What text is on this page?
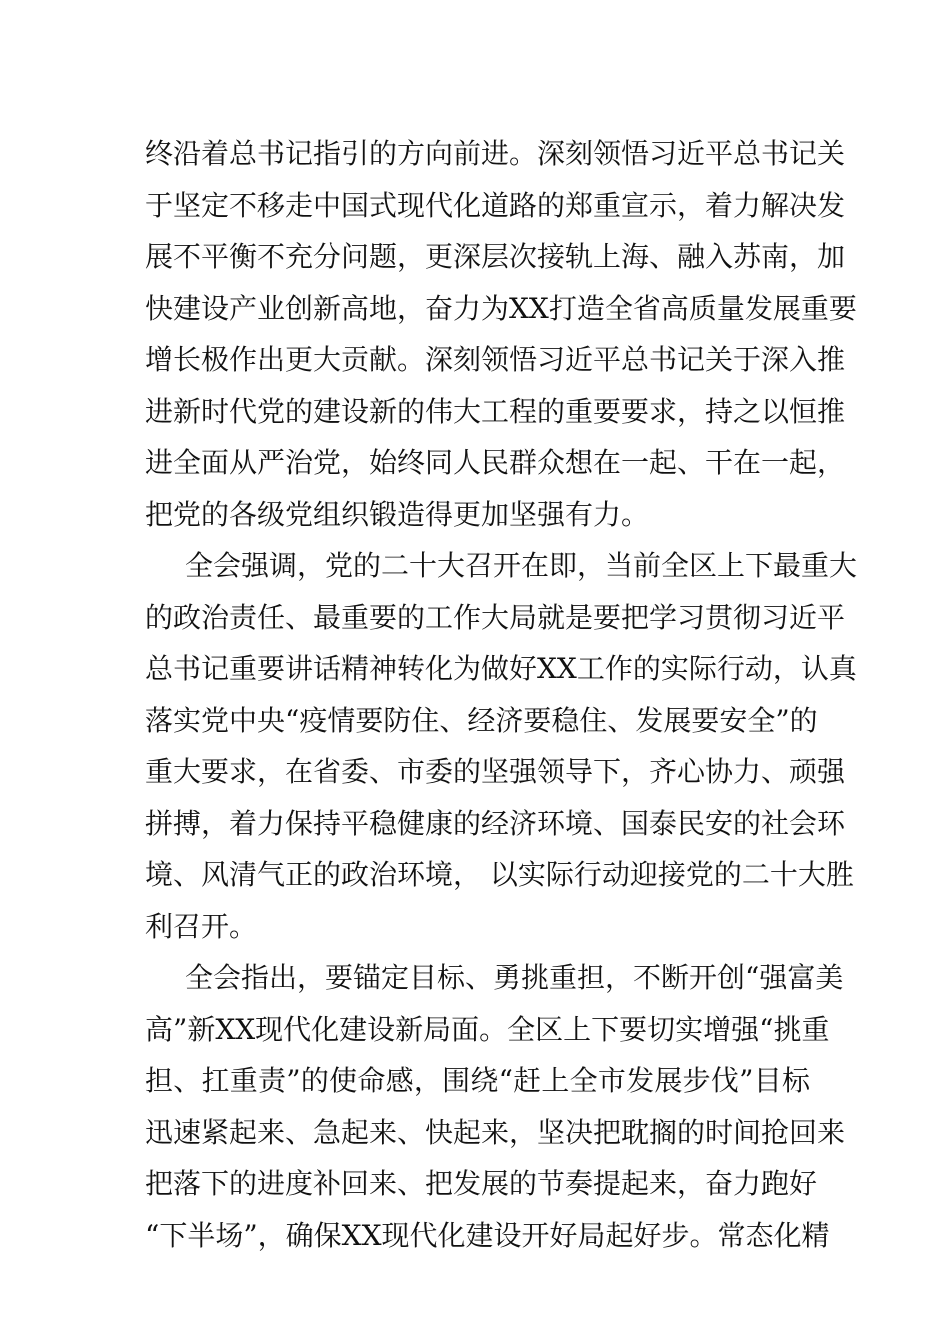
终沿着总书记指引的方向前进。深刻领悟习近平总书记关
于坚定不移走中国式现代化道路的郑重宣示，着力解决发
展不平衡不充分问题，更深层次接轨上海、融入苏南，加
快建设产业创新高地，奋力为XX打造全省高质量发展重要
增长极作出更大贡献。深刻领悟习近平总书记关于深入推
进新时代党的建设新的伟大工程的重要要求，持之以恒推
进全面从严治党，始终同人民群众想在一起、干在一起，
把党的各级党组织锻造得更加坚强有力。
全会强调，党的二十大召开在即，当前全区上下最重大
的政治责任、最重要的工作大局就是要把学习贯彻习近平
总书记重要讲话精神转化为做好XX工作的实际行动，认真
落实党中央“疫情要防住、经济要稳住、发展要安全”的
重大要求，在省委、市委的坚强领导下，齐心协力、顽强
拼搏，着力保持平稳健康的经济环境、国泰民安的社会环
境、风清气正的政治环境， 以实际行动迎接党的二十大胜
利召开。
全会指出，要锚定目标、勇挑重担，不断开创“强富美
高”新XX现代化建设新局面。全区上下要切实增强“挑重
担、扛重责”的使命感，围绕“赶上全市发展步伐”目标
迅速紧起来、急起来、快起来，坚决把耽搁的时间抢回来
把落下的进度补回来、把发展的节奏提起来，奋力跑好
“下半场”，确保XX现代化建设开好局起好步。常态化精
